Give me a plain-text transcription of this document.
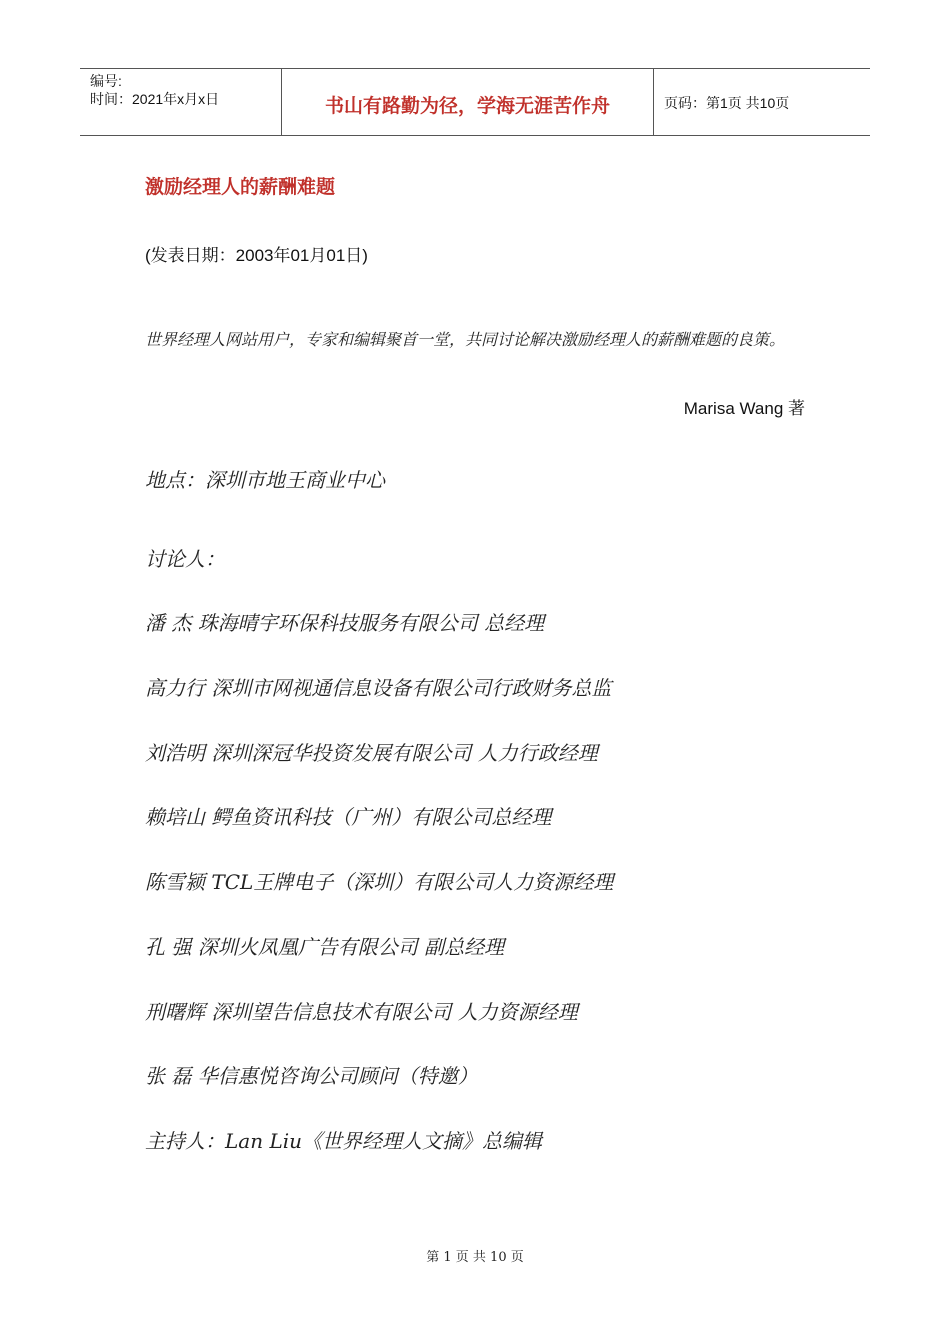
编号:
时间：2021年x月x日	书山有路勤为径，学海无涯苦作舟	页码：第1页 共10页
激励经理人的薪酬难题
(发表日期：2003年01月01日)
世界经理人网站用户，专家和编辑聚首一堂，共同讨论解决激励经理人的薪酬难题的良策。
Marisa Wang 著
地点：深圳市地王商业中心
讨论人：
潘 杰 珠海晴宇环保科技服务有限公司 总经理
高力行 深圳市网视通信息设备有限公司行政财务总监
刘浩明 深圳深冠华投资发展有限公司 人力行政经理
赖培山 鳄鱼资讯科技（广州）有限公司总经理
陈雪颍 TCL王牌电子（深圳）有限公司人力资源经理
孔 强 深圳火凤凰广告有限公司 副总经理
刑曙辉 深圳望告信息技术有限公司 人力资源经理
张 磊 华信惠悦咨询公司顾问（特邀）
主持人：Lan Liu《世界经理人文摘》总编辑
第 1 页 共 10 页
